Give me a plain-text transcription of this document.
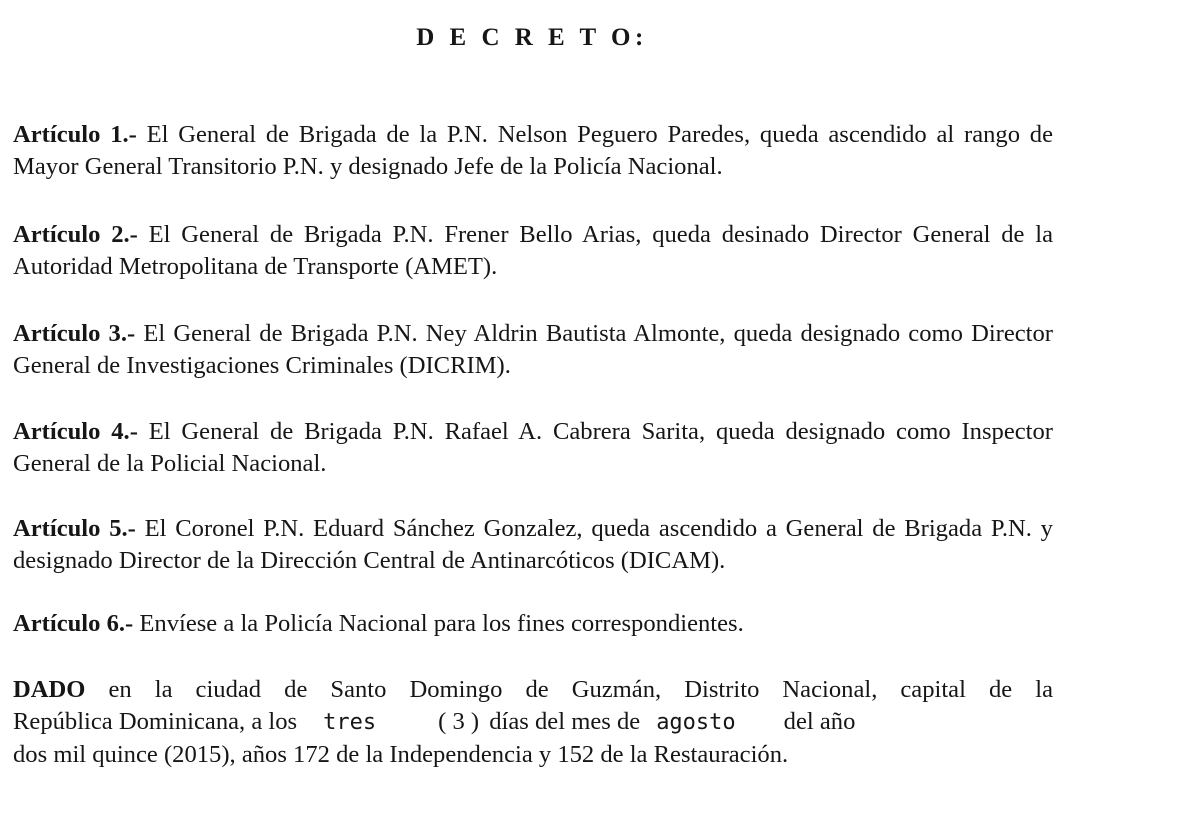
D E C R E T O:
Artículo 1.- El General de Brigada de la P.N. Nelson Peguero Paredes, queda ascendido al rango de Mayor General Transitorio P.N. y designado Jefe de la Policía Nacional.
Artículo 2.- El General de Brigada P.N. Frener Bello Arias, queda desinado Director General de la Autoridad Metropolitana de Transporte (AMET).
Artículo 3.- El General de Brigada P.N. Ney Aldrin Bautista Almonte, queda designado como Director General de Investigaciones Criminales (DICRIM).
Artículo 4.- El General de Brigada P.N. Rafael A. Cabrera Sarita, queda designado como Inspector General de la Policial Nacional.
Artículo 5.- El Coronel P.N. Eduard Sánchez Gonzalez, queda ascendido a General de Brigada P.N. y designado Director de la Dirección Central de Antinarcóticos (DICAM).
Artículo 6.- Envíese a la Policía Nacional para los fines correspondientes.
DADO en la ciudad de Santo Domingo de Guzmán, Distrito Nacional, capital de la
República Dominicana, a los tres	( 3 ) días del mes de agosto del año
dos mil quince (2015), años 172 de la Independencia y 152 de la Restauración.
